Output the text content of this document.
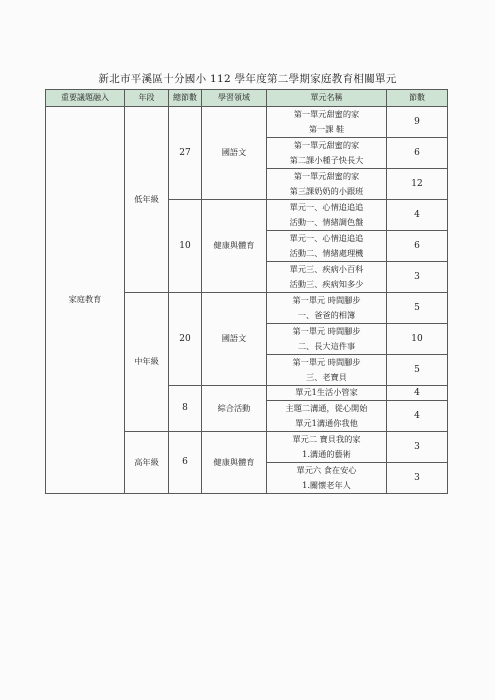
新北市平溪區十分國小 112 學年度第二學期家庭教育相關單元
重要議題融入	年段	總節數	學習領域	單元名稱	節數
家庭教育	低年級	27	國語文	第一單元甜蜜的家
第一課 鞋	9

				第一單元甜蜜的家
第二課小種子快長大	6

				第一單元甜蜜的家
第三課奶奶的小跟班	12
		10	健康與體育	單元一、心情追追追
活動一、情緒調色盤	4

				單元一、心情追追追
活動二、情緒處理機	6

				單元三、疾病小百科
活動三、疾病知多少	3
	中年級	20	國語文	第一單元 時間腳步
一、爸爸的相簿	5

				第一單元 時間腳步
二、長大這件事	10

				第一單元 時間腳步
三、老寶貝	5
		8	綜合活動	單元1生活小管家	4

				主題二溝通，從心開始
單元1溝通你我他	4

	高年級	6	健康與體育	單元二 寶貝我的家
1.溝通的藝術	3

				單元六 食在安心
1.關懷老年人	3
